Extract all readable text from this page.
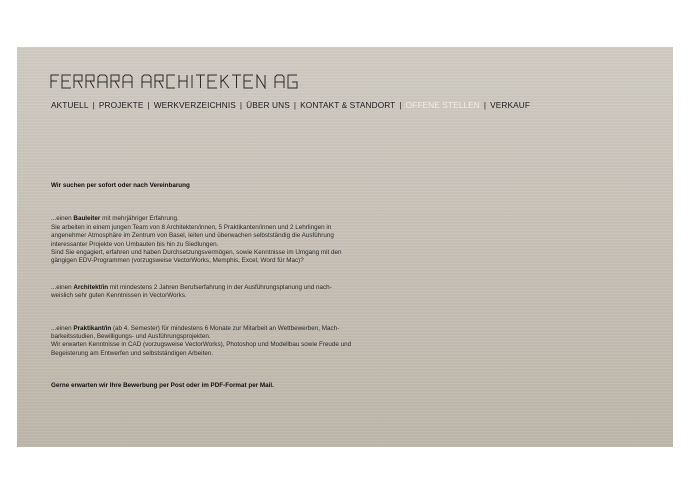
AKTUELL | PROJEKTE | WERKVERZEICHNIS | ÜBER UNS | KONTAKT & STANDORT | OFFENE STELLEN | VERKAUF

Wir suchen per sofort oder nach Vereinbarung

...einen Bauleiter mit mehrjähriger Erfahrung.

Sie arbeiten in einem jungen Team von 8 Architekten/innen, 5 Praktikanten/innen und 2 Lehrlingen in

angenehmer Atmosphäre im Zentrum von Basel, leiten und überwachen selbstständig die Ausführung

interessanter Projekte von Umbauten bis hin zu Siedlungen.

Sind Sie engagiert, erfahren und haben Durchsetzungsvermögen, sowie Kenntnisse im Umgang mit den

gängigen EDV-Programmen (vorzugsweise VectorWorks, Memphis, Excel, Word für Mac)?

...einen Architekt/in mit mindestens 2 Jahren Berufserfahrung in der Ausführungsplanung und nach-

weislich sehr guten Kenntnissen in VectorWorks.

...einen Praktikant/in (ab 4. Semester) für mindestens 6 Monate zur Mitarbeit an Wettbewerben, Mach-

barkeitsstudien, Bewilligungs- und Ausführungsprojekten.

Wir erwarten Kenntnisse in CAD (vorzugsweise VectorWorks), Photoshop und Modellbau sowie Freude und

Begeisterung am Entwerfen und selbstständigen Arbeiten.

Gerne erwarten wir Ihre Bewerbung per Post oder im PDF-Format per Mail.
